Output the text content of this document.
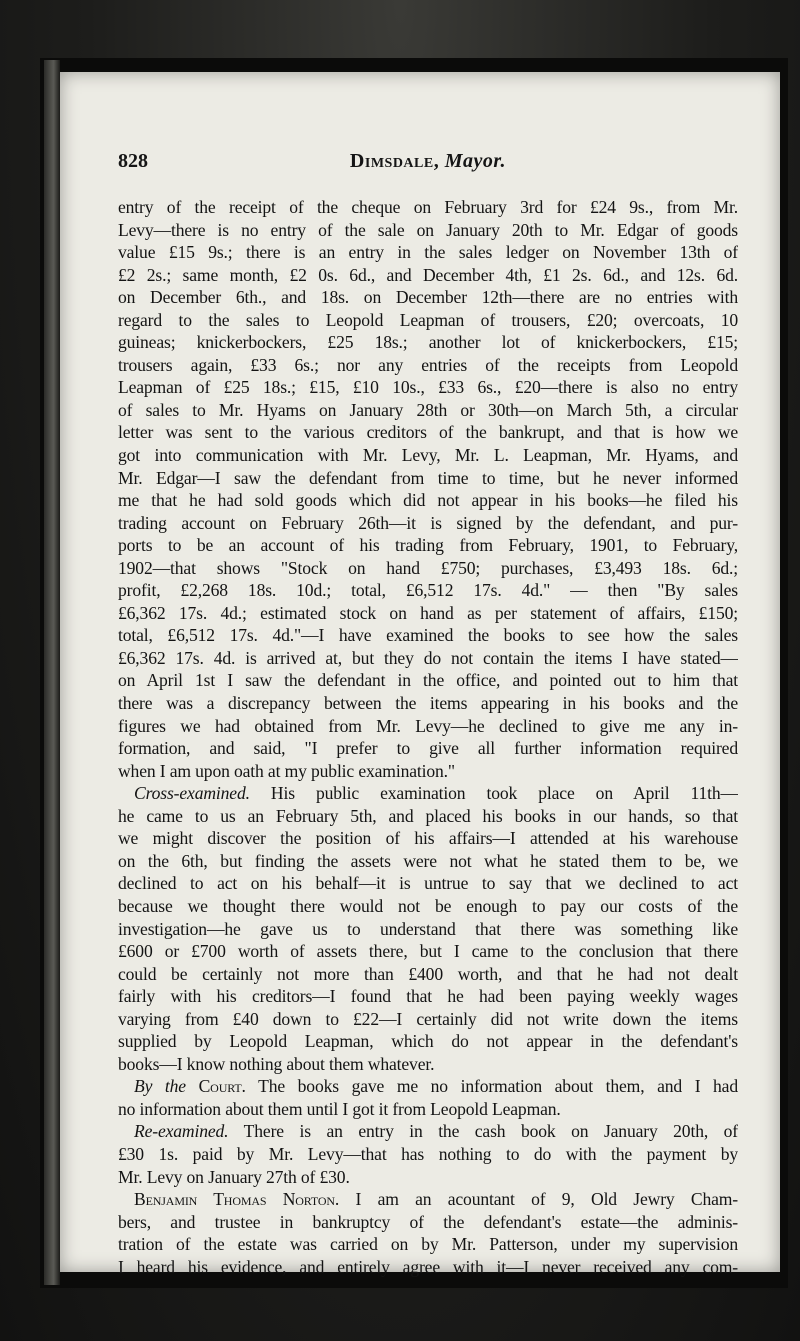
828	Dimsdale, Mayor.
entry of the receipt of the cheque on February 3rd for £24 9s., from Mr.
Levy—there is no entry of the sale on January 20th to Mr. Edgar of goods
value £15 9s.; there is an entry in the sales ledger on November 13th of
£2 2s.; same month, £2 0s. 6d., and December 4th, £1 2s. 6d., and 12s. 6d.
on December 6th., and 18s. on December 12th—there are no entries with
regard to the sales to Leopold Leapman of trousers, £20; overcoats, 10
guineas; knickerbockers, £25 18s.; another lot of knickerbockers, £15;
trousers again, £33 6s.; nor any entries of the receipts from Leopold
Leapman of £25 18s.; £15, £10 10s., £33 6s., £20—there is also no entry
of sales to Mr. Hyams on January 28th or 30th—on March 5th, a circular
letter was sent to the various creditors of the bankrupt, and that is how we
got into communication with Mr. Levy, Mr. L. Leapman, Mr. Hyams, and
Mr. Edgar—I saw the defendant from time to time, but he never informed
me that he had sold goods which did not appear in his books—he filed his
trading account on February 26th—it is signed by the defendant, and pur-
ports to be an account of his trading from February, 1901, to February,
1902—that shows "Stock on hand £750; purchases, £3,493 18s. 6d.;
profit, £2,268 18s. 10d.; total, £6,512 17s. 4d." — then "By sales
£6,362 17s. 4d.; estimated stock on hand as per statement of affairs, £150;
total, £6,512 17s. 4d."—I have examined the books to see how the sales
£6,362 17s. 4d. is arrived at, but they do not contain the items I have stated—
on April 1st I saw the defendant in the office, and pointed out to him that
there was a discrepancy between the items appearing in his books and the
figures we had obtained from Mr. Levy—he declined to give me any in-
formation, and said, "I prefer to give all further information required
when I am upon oath at my public examination."
Cross-examined. His public examination took place on April 11th—
he came to us an February 5th, and placed his books in our hands, so that
we might discover the position of his affairs—I attended at his warehouse
on the 6th, but finding the assets were not what he stated them to be, we
declined to act on his behalf—it is untrue to say that we declined to act
because we thought there would not be enough to pay our costs of the
investigation—he gave us to understand that there was something like
£600 or £700 worth of assets there, but I came to the conclusion that there
could be certainly not more than £400 worth, and that he had not dealt
fairly with his creditors—I found that he had been paying weekly wages
varying from £40 down to £22—I certainly did not write down the items
supplied by Leopold Leapman, which do not appear in the defendant's
books—I know nothing about them whatever.
By the Court. The books gave me no information about them, and I had
no information about them until I got it from Leopold Leapman.
Re-examined. There is an entry in the cash book on January 20th, of
£30 1s. paid by Mr. Levy—that has nothing to do with the payment by
Mr. Levy on January 27th of £30.
Benjamin Thomas Norton. I am an acountant of 9, Old Jewry Cham-
bers, and trustee in bankruptcy of the defendant's estate—the adminis-
tration of the estate was carried on by Mr. Patterson, under my supervision
I heard his evidence, and entirely agree with it—I never received any com-
